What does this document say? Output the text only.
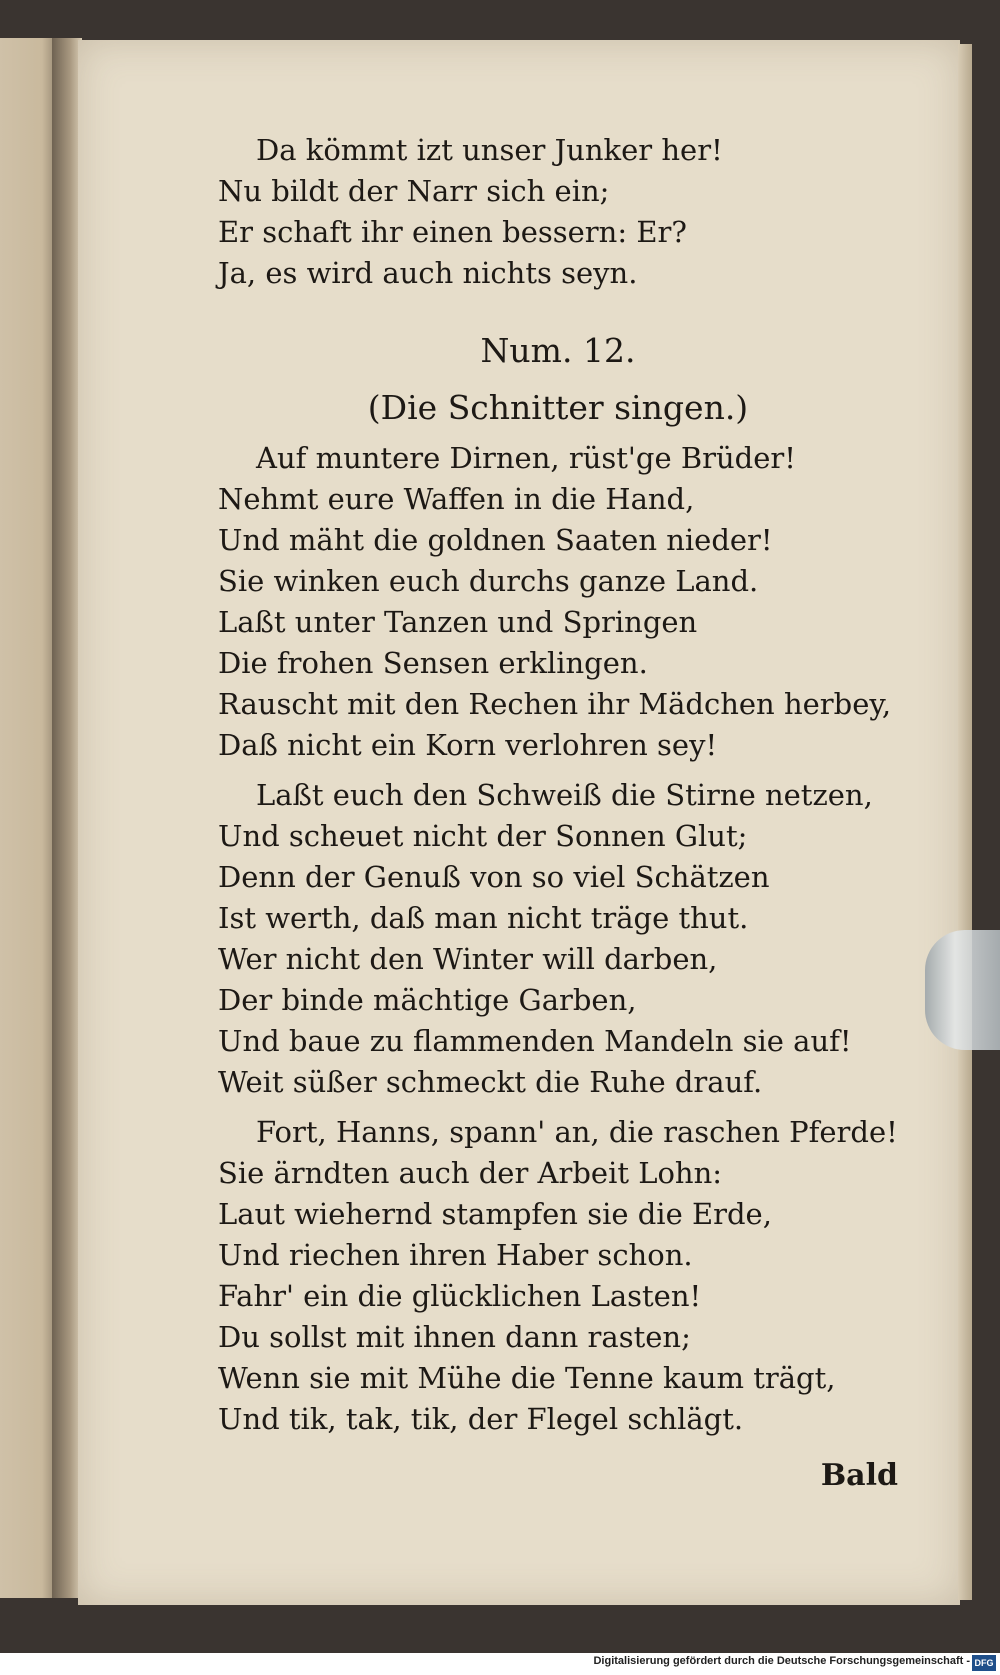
Da kömmt izt unser Junker her!
Nu bildt der Narr sich ein;
Er schaft ihr einen bessern: Er?
Ja, es wird auch nichts seyn.
Num. 12.
(Die Schnitter singen.)
Auf muntere Dirnen, rüst'ge Brüder!
Nehmt eure Waffen in die Hand,
Und mäht die goldnen Saaten nieder!
Sie winken euch durchs ganze Land.
Laßt unter Tanzen und Springen
Die frohen Sensen erklingen.
Rauscht mit den Rechen ihr Mädchen herbey,
Daß nicht ein Korn verlohren sey!
Laßt euch den Schweiß die Stirne netzen,
Und scheuet nicht der Sonnen Glut;
Denn der Genuß von so viel Schätzen
Ist werth, daß man nicht träge thut.
Wer nicht den Winter will darben,
Der binde mächtige Garben,
Und baue zu flammenden Mandeln sie auf!
Weit süßer schmeckt die Ruhe drauf.
Fort, Hanns, spann' an, die raschen Pferde!
Sie ärndten auch der Arbeit Lohn:
Laut wiehernd stampfen sie die Erde,
Und riechen ihren Haber schon.
Fahr' ein die glücklichen Lasten!
Du sollst mit ihnen dann rasten;
Wenn sie mit Mühe die Tenne kaum trägt,
Und tik, tak, tik, der Flegel schlägt.
Bald
Digitalisierung gefördert durch die Deutsche Forschungsgemeinschaft - DFG
